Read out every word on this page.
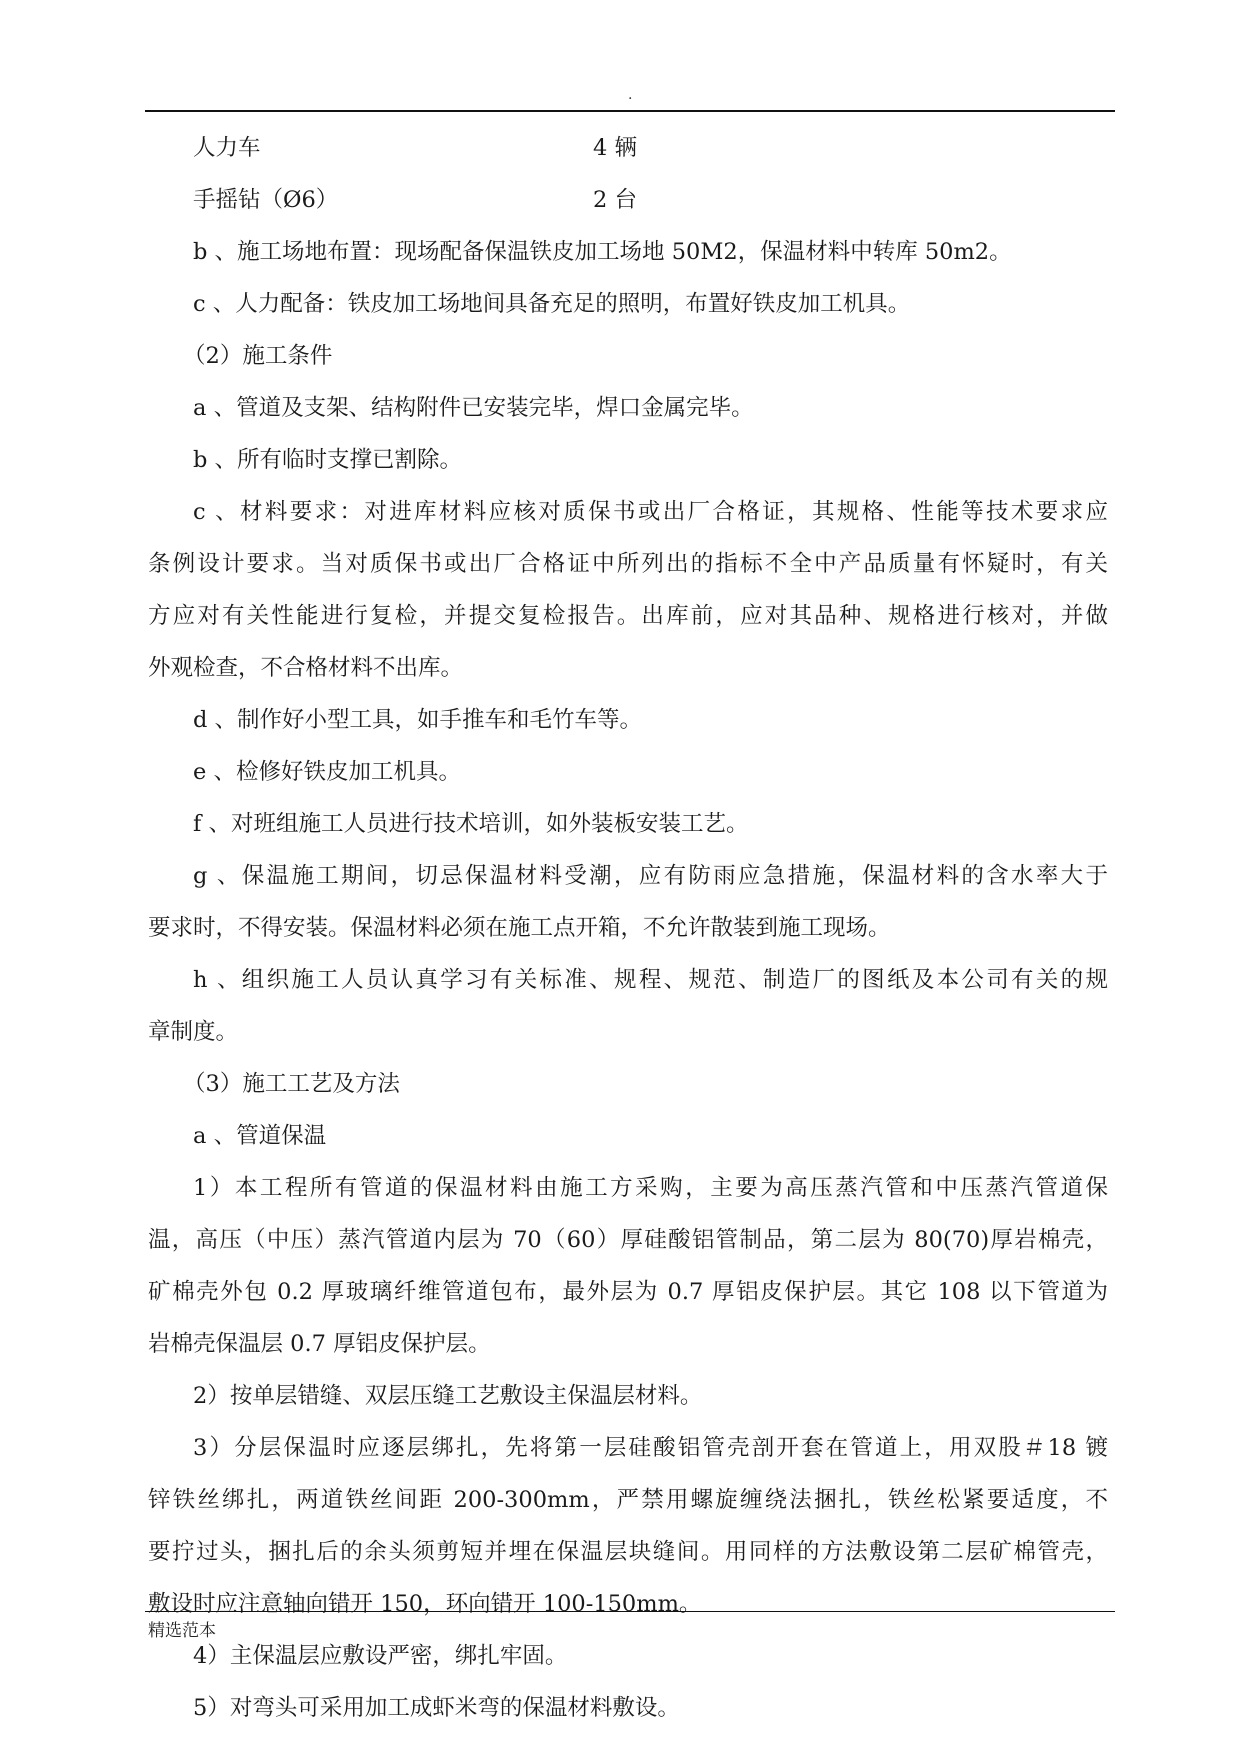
.
人力车	4 辆
手摇钻（Ø6）	2 台
b 、施工场地布置：现场配备保温铁皮加工场地 50M2，保温材料中转库 50m2。
c 、人力配备：铁皮加工场地间具备充足的照明，布置好铁皮加工机具。
（2）施工条件
a 、管道及支架、结构附件已安装完毕，焊口金属完毕。
b 、所有临时支撑已割除。
c 、材料要求：对进库材料应核对质保书或出厂合格证，其规格、性能等技术要求应
条例设计要求。当对质保书或出厂合格证中所列出的指标不全中产品质量有怀疑时，有关
方应对有关性能进行复检，并提交复检报告。出库前，应对其品种、规格进行核对，并做
外观检查，不合格材料不出库。
d 、制作好小型工具，如手推车和毛竹车等。
e 、检修好铁皮加工机具。
f 、对班组施工人员进行技术培训，如外装板安装工艺。
g 、保温施工期间，切忌保温材料受潮，应有防雨应急措施，保温材料的含水率大于
要求时，不得安装。保温材料必须在施工点开箱，不允许散装到施工现场。
h 、组织施工人员认真学习有关标准、规程、规范、制造厂的图纸及本公司有关的规
章制度。
（3）施工工艺及方法
a 、管道保温
1）本工程所有管道的保温材料由施工方采购，主要为高压蒸汽管和中压蒸汽管道保
温，高压（中压）蒸汽管道内层为 70（60）厚硅酸铝管制品，第二层为 80(70)厚岩棉壳，
矿棉壳外包 0.2 厚玻璃纤维管道包布，最外层为 0.7 厚铝皮保护层。其它 108 以下管道为
岩棉壳保温层 0.7 厚铝皮保护层。
2）按单层错缝、双层压缝工艺敷设主保温层材料。
3）分层保温时应逐层绑扎，先将第一层硅酸铝管壳剖开套在管道上，用双股＃18 镀
锌铁丝绑扎，两道铁丝间距 200-300mm，严禁用螺旋缠绕法捆扎，铁丝松紧要适度，不
要拧过头，捆扎后的余头须剪短并埋在保温层块缝间。用同样的方法敷设第二层矿棉管壳，
敷设时应注意轴向错开 150，环向错开 100-150mm。
4）主保温层应敷设严密，绑扎牢固。
5）对弯头可采用加工成虾米弯的保温材料敷设。
精选范本
